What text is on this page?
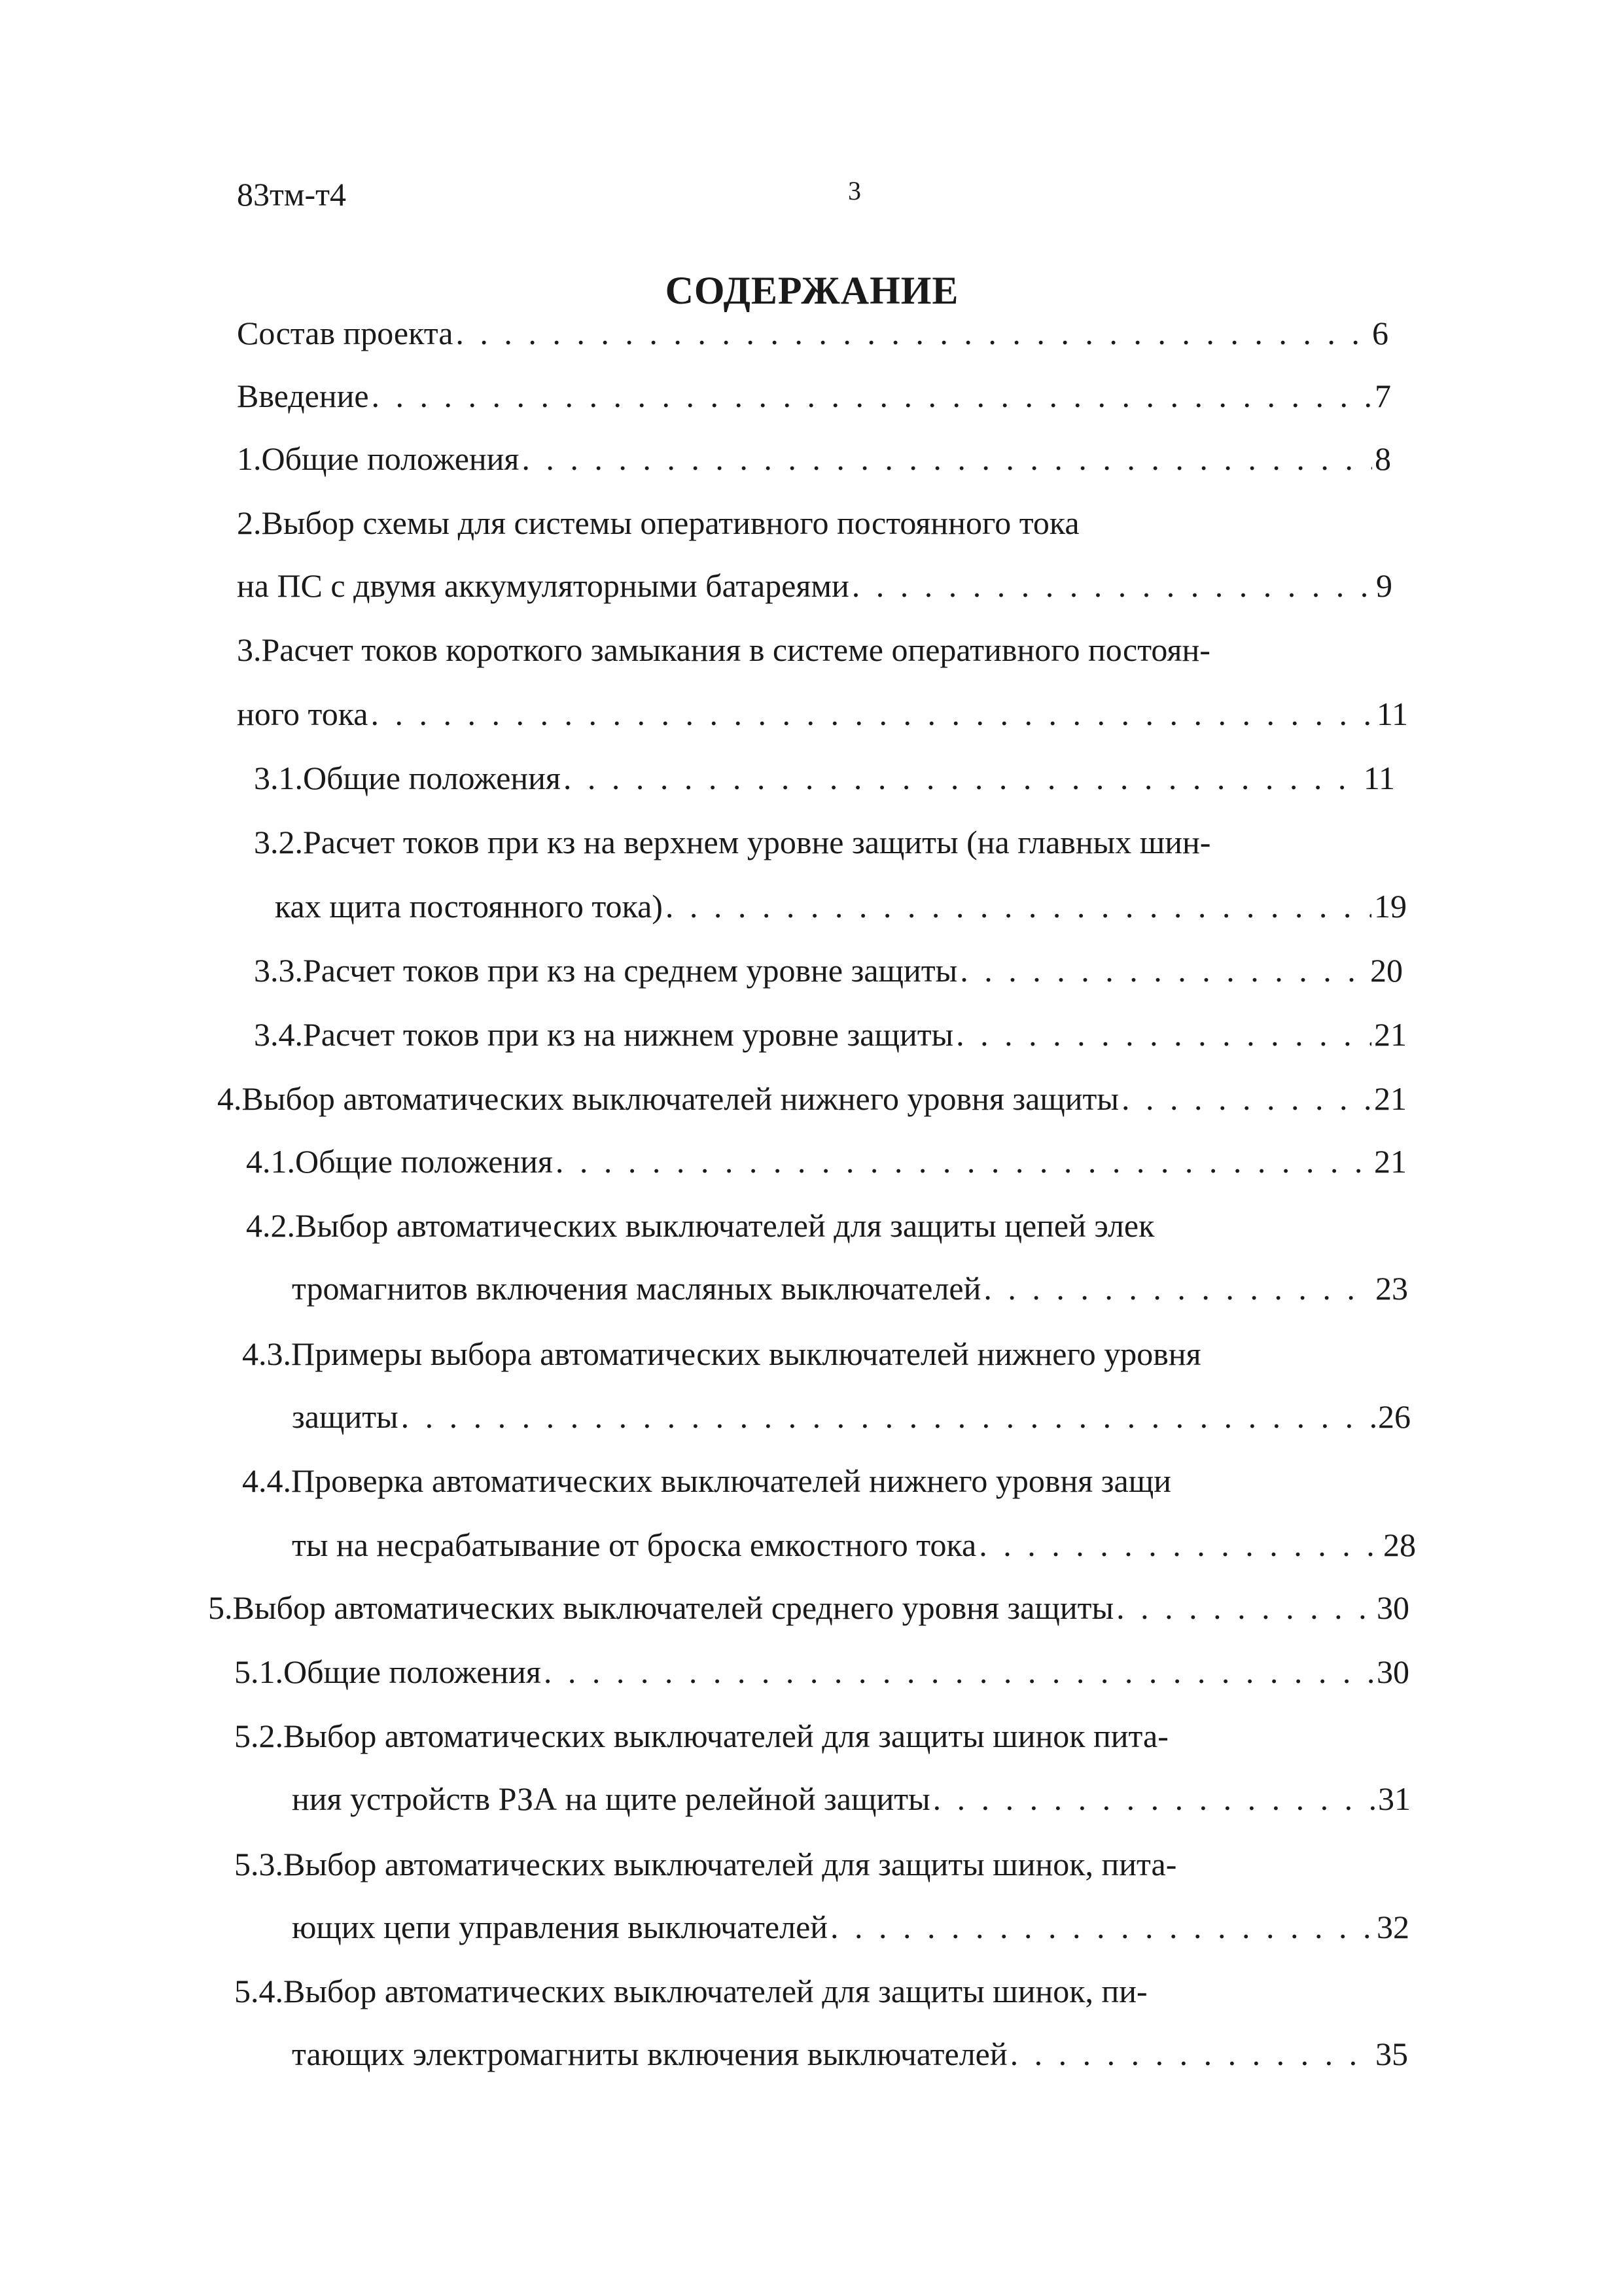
83тм-т4	3
СОДЕРЖАНИЕ
Состав проекта . . .	6
Введение . . .	7
1.Общие положения . . .	8
2.Выбор схемы для системы оперативного постоянного тока
на ПС с двумя аккумуляторными батареями . . .	9
3.Расчет токов короткого замыкания в системе оперативного постоян-
ного тока . . .	11
3.1.Общие положения . . .	11
3.2.Расчет токов при кз на верхнем уровне защиты (на главных шин-
ках щита постоянного тока) . . .	19
3.3.Расчет токов при кз на среднем уровне защиты . . .	20
3.4.Расчет токов при кз на нижнем уровне защиты . . .	21
4.Выбор автоматических выключателей нижнего уровня защиты . . .	21
4.1.Общие положения . . .	21
4.2.Выбор автоматических выключателей для защиты цепей элек
тромагнитов включения масляных выключателей . . .	23
4.3.Примеры выбора автоматических выключателей нижнего уровня
защиты . . .	26
4.4.Проверка автоматических выключателей нижнего уровня защи
ты на несрабатывание от броска емкостного тока . . .	28
5.Выбор автоматических выключателей среднего уровня защиты . . .	30
5.1.Общие положения . . .	30
5.2.Выбор автоматических выключателей для защиты шинок пита-
ния устройств РЗА на щите релейной защиты . . .	31
5.3.Выбор автоматических выключателей для защиты шинок, пита-
ющих цепи управления выключателей . . .	32
5.4.Выбор автоматических выключателей для защиты шинок, пи-
тающих электромагниты включения выключателей . . .	35
